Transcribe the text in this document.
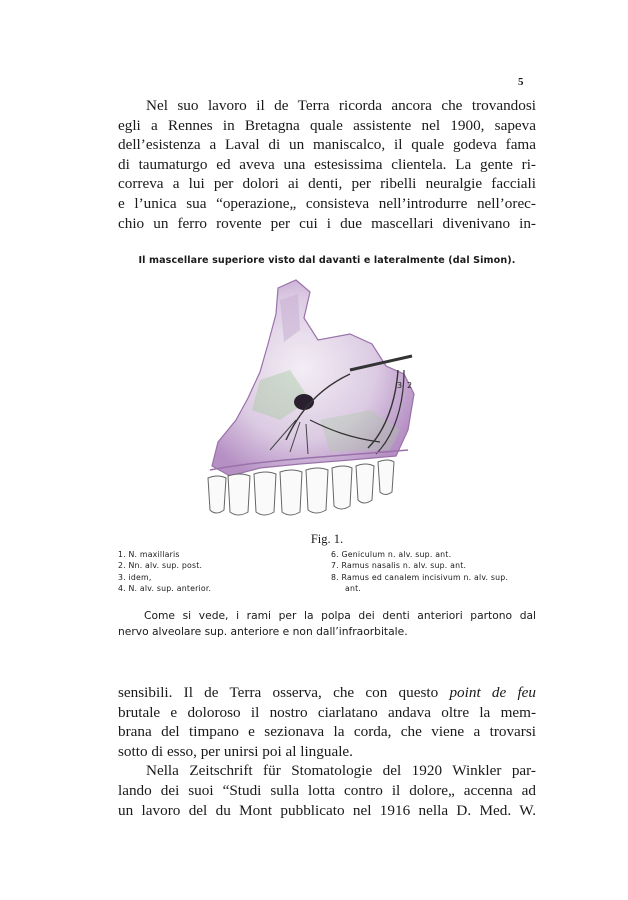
5

Nel suo lavoro il de Terra ricorda ancora che trovandosi

egli a Rennes in Bretagna quale assistente nel 1900, sapeva

dell’esistenza a Laval di un maniscalco, il quale godeva fama

di taumaturgo ed aveva una estesissima clientela. La gente ri-

correva a lui per dolori ai denti, per ribelli neuralgie facciali

e l’unica sua “operazione„ consisteva nell’introdurre nell’orec-

chio un ferro rovente per cui i due mascellari divenivano in-

Il mascellare superiore visto dal davanti e lateralmente (dal Simon).
3 2
Fig. 1.
1. N. maxillaris
2. Nn. alv. sup. post.
3. idem,
4. N. alv. sup. anterior.
6. Geniculum n. alv. sup. ant.
7. Ramus nasalis n. alv. sup. ant.
8. Ramus ed canalem incisivum n. alv. sup.
ant.
Come si vede, i rami per la polpa dei denti anteriori partono dal
nervo alveolare sup. anteriore e non dall’infraorbitale.

sensibili. Il de Terra osserva, che con questo point de feu

brutale e doloroso il nostro ciarlatano andava oltre la mem-

brana del timpano e sezionava la corda, che viene a trovarsi

sotto di esso, per unirsi poi al linguale.

Nella Zeitschrift für Stomatologie del 1920 Winkler par-

lando dei suoi “Studi sulla lotta contro il dolore„ accenna ad

un lavoro del du Mont pubblicato nel 1916 nella D. Med. W.
